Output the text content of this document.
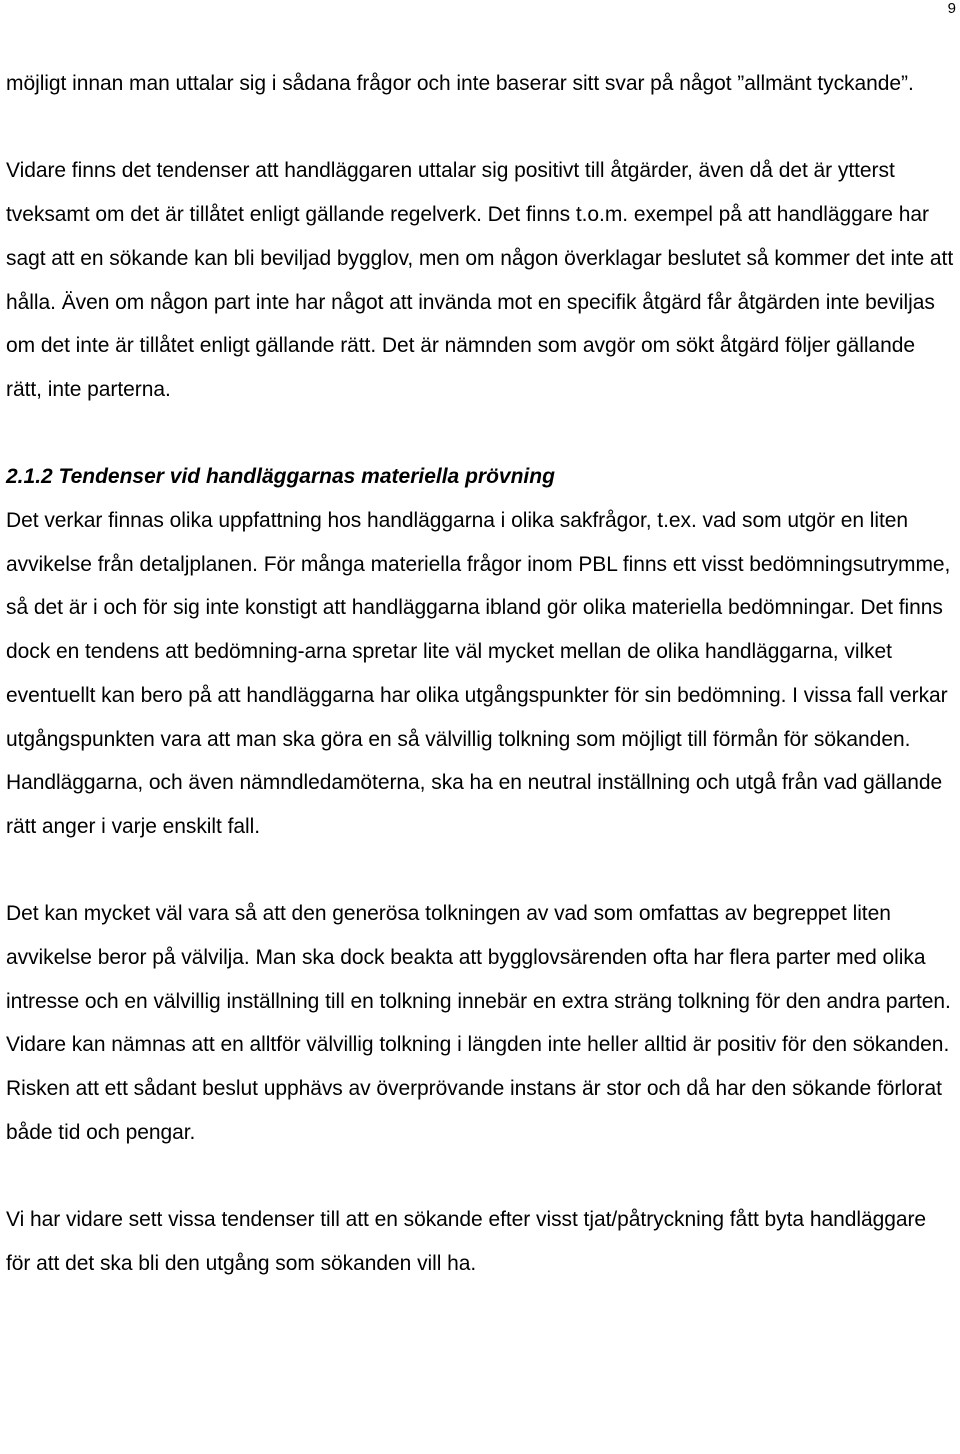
9

möjligt innan man uttalar sig i sådana frågor och inte baserar sitt svar på något ”allmänt tyckande”.

Vidare finns det tendenser att handläggaren uttalar sig positivt till åtgärder, även då det är ytterst tveksamt om det är tillåtet enligt gällande regelverk. Det finns t.o.m. exempel på att handläggare har sagt att en sökande kan bli beviljad bygglov, men om någon överklagar beslutet så kommer det inte att hålla. Även om någon part inte har något att invända mot en specifik åtgärd får åtgärden inte beviljas om det inte är tillåtet enligt gällande rätt. Det är nämnden som avgör om sökt åtgärd följer gällande rätt, inte parterna.

2.1.2 Tendenser vid handläggarnas materiella prövning

Det verkar finnas olika uppfattning hos handläggarna i olika sakfrågor, t.ex. vad som utgör en liten avvikelse från detaljplanen. För många materiella frågor inom PBL finns ett visst bedömningsutrymme, så det är i och för sig inte konstigt att handläggarna ibland gör olika materiella bedömningar. Det finns dock en tendens att bedömning-arna spretar lite väl mycket mellan de olika handläggarna, vilket eventuellt kan bero på att handläggarna har olika utgångspunkter för sin bedömning. I vissa fall verkar utgångspunkten vara att man ska göra en så välvillig tolkning som möjligt till förmån för sökanden. Handläggarna, och även nämndledamöterna, ska ha en neutral inställning och utgå från vad gällande rätt anger i varje enskilt fall.

Det kan mycket väl vara så att den generösa tolkningen av vad som omfattas av begreppet liten avvikelse beror på välvilja. Man ska dock beakta att bygglovsärenden ofta har flera parter med olika intresse och en välvillig inställning till en tolkning innebär en extra sträng tolkning för den andra parten. Vidare kan nämnas att en alltför välvillig tolkning i längden inte heller alltid är positiv för den sökanden. Risken att ett sådant beslut upphävs av överprövande instans är stor och då har den sökande förlorat både tid och pengar.

Vi har vidare sett vissa tendenser till att en sökande efter visst tjat/påtryckning fått byta handläggare för att det ska bli den utgång som sökanden vill ha.
